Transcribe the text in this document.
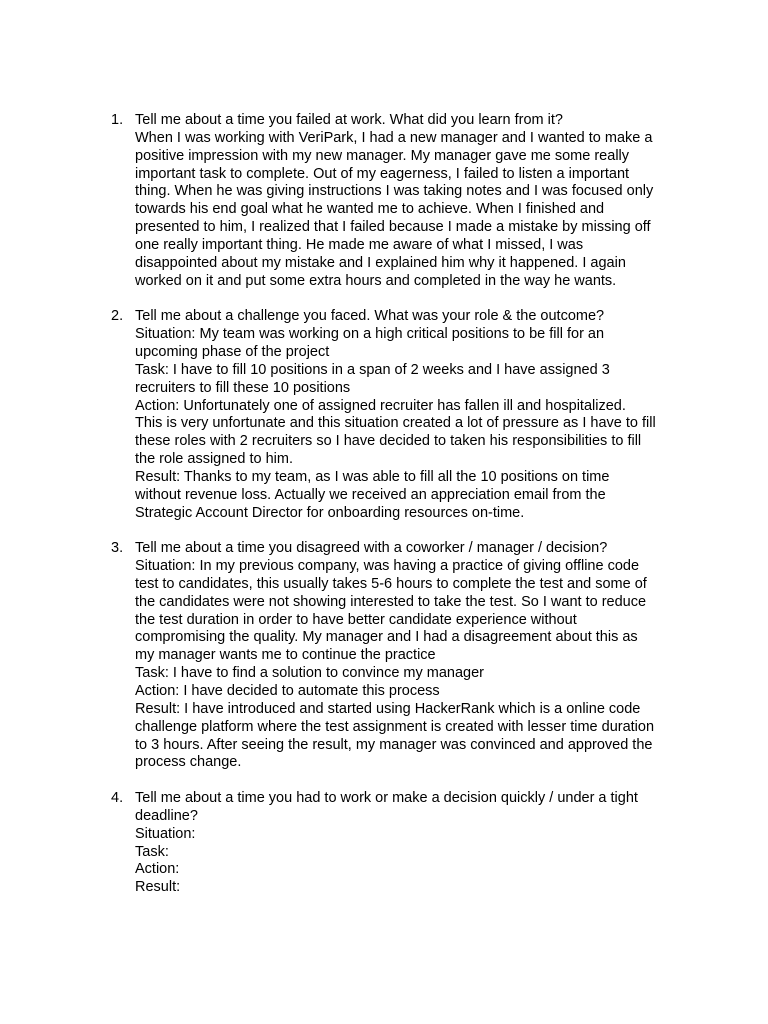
1. Tell me about a time you failed at work. What did you learn from it?
When I was working with VeriPark, I had a new manager and I wanted to make a
positive impression with my new manager. My manager gave me some really
important task to complete. Out of my eagerness, I failed to listen a important
thing. When he was giving instructions I was taking notes and I was focused only
towards his end goal what he wanted me to achieve. When I finished and
presented to him, I realized that I failed because I made a mistake by missing off
one really important thing. He made me aware of what I missed, I was
disappointed about my mistake and I explained him why it happened. I again
worked on it and put some extra hours and completed in the way he wants.
2. Tell me about a challenge you faced. What was your role & the outcome?
Situation: My team was working on a high critical positions to be fill for an
upcoming phase of the project
Task: I have to fill 10 positions in a span of 2 weeks and I have assigned 3
recruiters to fill these 10 positions
Action: Unfortunately one of assigned recruiter has fallen ill and hospitalized.
This is very unfortunate and this situation created a lot of pressure as I have to fill
these roles with 2 recruiters so I have decided to taken his responsibilities to fill
the role assigned to him.
Result: Thanks to my team, as I was able to fill all the 10 positions on time
without revenue loss. Actually we received an appreciation email from the
Strategic Account Director for onboarding resources on-time.
3. Tell me about a time you disagreed with a coworker / manager / decision?
Situation: In my previous company, was having a practice of giving offline code
test to candidates, this usually takes 5-6 hours to complete the test and some of
the candidates were not showing interested to take the test. So I want to reduce
the test duration in order to have better candidate experience without
compromising the quality. My manager and I had a disagreement about this as
my manager wants me to continue the practice
Task: I have to find a solution to convince my manager
Action: I have decided to automate this process
Result: I have introduced and started using HackerRank which is a online code
challenge platform where the test assignment is created with lesser time duration
to 3 hours. After seeing the result, my manager was convinced and approved the
process change.
4. Tell me about a time you had to work or make a decision quickly / under a tight
deadline?
Situation:
Task:
Action:
Result:
